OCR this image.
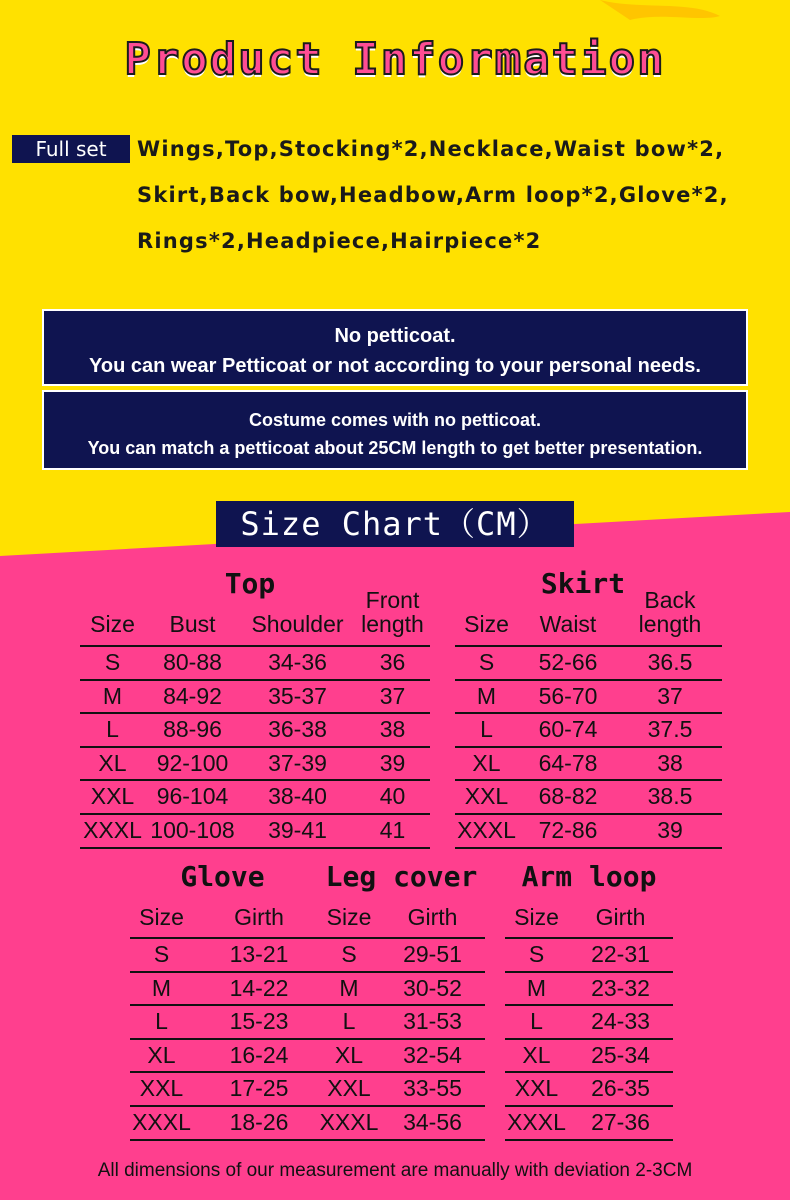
Product Information
Full set	Wings,Top,Stocking*2,Necklace,Waist bow*2,
Skirt,Back bow,Headbow,Arm loop*2,Glove*2,
Rings*2,Headpiece,Hairpiece*2
No petticoat.
You can wear Petticoat or not according to your personal needs.
Costume comes with no petticoat.
You can match a petticoat about 25CM length to get better presentation.
Size Chart（CM）
Top
Size	Bust	Shoulder
Front
length
S	80-88	34-36	36
M	84-92	35-37	37
L	88-96	36-38	38
XL	92-100	37-39	39
XXL 96-104	38-40	40
XXXL 100-108	39-41	41
Skirt
Size	Waist
Back
length
S	52-66	36.5
M	56-70	37
L	60-74	37.5
XL	64-78	38
XXL	68-82	38.5
XXXL 72-86	39
Glove
Size	Girth
S	13-21
M	14-22
L	15-23
XL	16-24
XXL	17-25
XXXL	18-26
Leg cover
Size	Girth
S	29-51
M	30-52
L	31-53
XL	32-54
XXL	33-55
XXXL	34-56
Arm loop
Size	Girth
S	22-31
M	23-32
L	24-33
XL	25-34
XXL	26-35
XXXL	27-36
All dimensions of our measurement are manually with deviation 2-3CM
